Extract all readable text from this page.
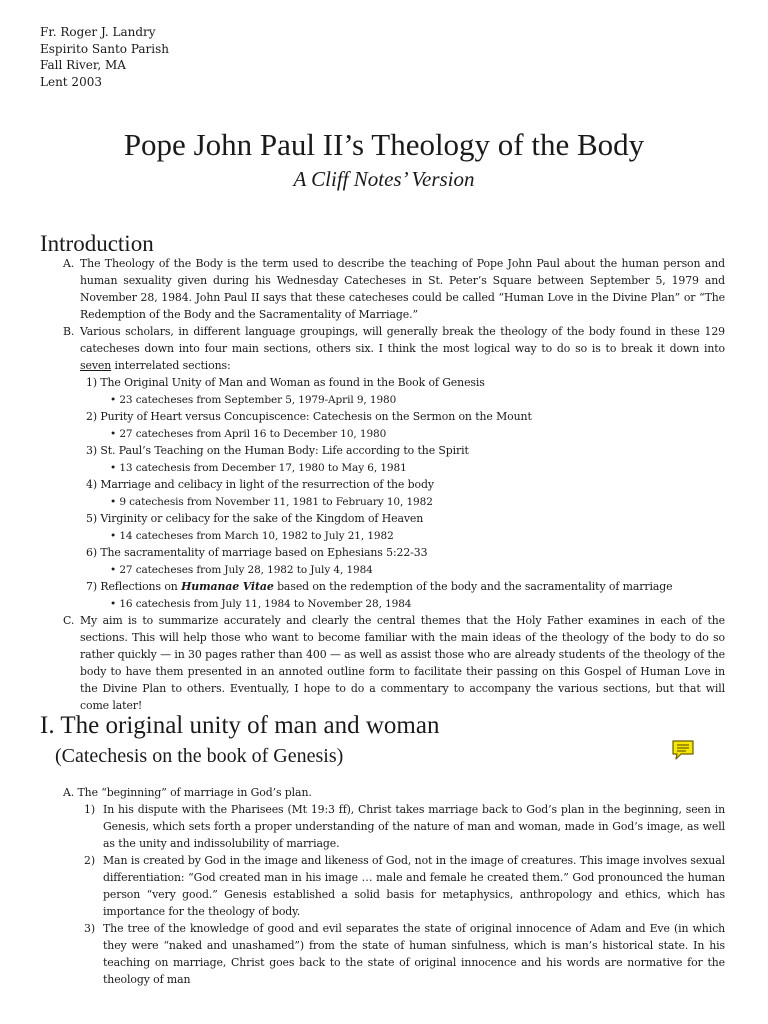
Fr. Roger J. Landry
Espirito Santo Parish
Fall River, MA
Lent 2003
Pope John Paul II’s Theology of the Body
A Cliff Notes’ Version
Introduction
A. The Theology of the Body is the term used to describe the teaching of Pope John Paul about the human person and human sexuality given during his Wednesday Catecheses in St. Peter’s Square between September 5, 1979 and November 28, 1984. John Paul II says that these catecheses could be called “Human Love in the Divine Plan” or “The Redemption of the Body and the Sacramentality of Marriage.”
B. Various scholars, in different language groupings, will generally break the theology of the body found in these 129 catecheses down into four main sections, others six. I think the most logical way to do so is to break it down into seven interrelated sections:
1) The Original Unity of Man and Woman as found in the Book of Genesis
• 23 catecheses from September 5, 1979-April 9, 1980
2) Purity of Heart versus Concupiscence: Catechesis on the Sermon on the Mount
• 27 catecheses from April 16 to December 10, 1980
3) St. Paul’s Teaching on the Human Body: Life according to the Spirit
• 13 catechesis from December 17, 1980 to May 6, 1981
4) Marriage and celibacy in light of the resurrection of the body
• 9 catechesis from November 11, 1981 to February 10, 1982
5) Virginity or celibacy for the sake of the Kingdom of Heaven
• 14 catecheses from March 10, 1982 to July 21, 1982
6) The sacramentality of marriage based on Ephesians 5:22-33
• 27 catecheses from July 28, 1982 to July 4, 1984
7) Reflections on Humanae Vitae based on the redemption of the body and the sacramentality of marriage
• 16 catechesis from July 11, 1984 to November 28, 1984
C. My aim is to summarize accurately and clearly the central themes that the Holy Father examines in each of the sections. This will help those who want to become familiar with the main ideas of the theology of the body to do so rather quickly — in 30 pages rather than 400 — as well as assist those who are already students of the theology of the body to have them presented in an annoted outline form to facilitate their passing on this Gospel of Human Love in the Divine Plan to others. Eventually, I hope to do a commentary to accompany the various sections, but that will come later!
I. The original unity of man and woman
(Catechesis on the book of Genesis)
A. The “beginning” of marriage in God’s plan.
1) In his dispute with the Pharisees (Mt 19:3 ff), Christ takes marriage back to God’s plan in the beginning, seen in Genesis, which sets forth a proper understanding of the nature of man and woman, made in God’s image, as well as the unity and indissolubility of marriage.
2) Man is created by God in the image and likeness of God, not in the image of creatures. This image involves sexual differentiation: “God created man in his image … male and female he created them.” God pronounced the human person “very good.” Genesis established a solid basis for metaphysics, anthropology and ethics, which has importance for the theology of body.
3) The tree of the knowledge of good and evil separates the state of original innocence of Adam and Eve (in which they were “naked and unashamed”) from the state of human sinfulness, which is man’s historical state. In his teaching on marriage, Christ goes back to the state of original innocence and his words are normative for the theology of man
